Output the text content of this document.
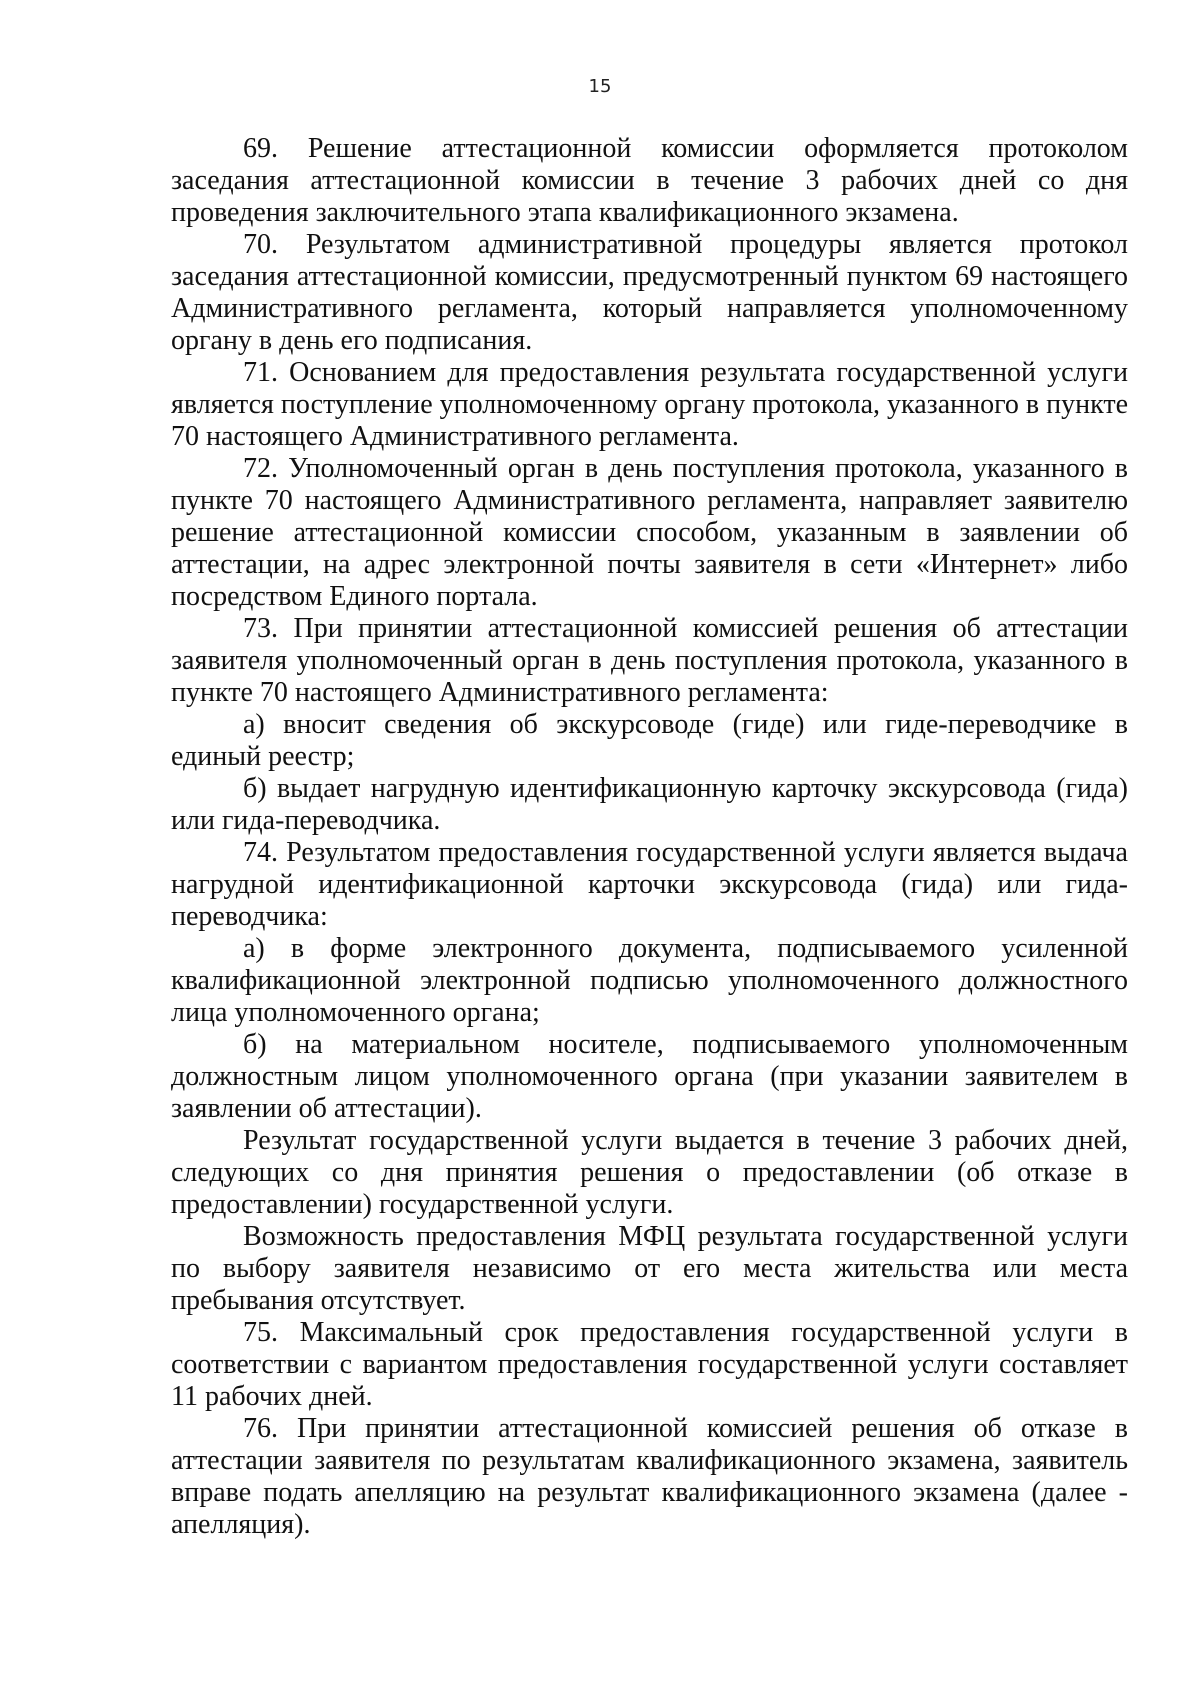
15

69. Решение аттестационной комиссии оформляется протоколом заседания аттестационной комиссии в течение 3 рабочих дней со дня проведения заключительного этапа квалификационного экзамена.

70. Результатом административной процедуры является протокол заседания аттестационной комиссии, предусмотренный пунктом 69 настоящего Административного регламента, который направляется уполномоченному органу в день его подписания.

71. Основанием для предоставления результата государственной услуги является поступление уполномоченному органу протокола, указанного в пункте 70 настоящего Административного регламента.

72. Уполномоченный орган в день поступления протокола, указанного в пункте 70 настоящего Административного регламента, направляет заявителю решение аттестационной комиссии способом, указанным в заявлении об аттестации, на адрес электронной почты заявителя в сети «Интернет» либо посредством Единого портала.

73. При принятии аттестационной комиссией решения об аттестации заявителя уполномоченный орган в день поступления протокола, указанного в пункте 70 настоящего Административного регламента:

а) вносит сведения об экскурсоводе (гиде) или гиде-переводчике в единый реестр;

б) выдает нагрудную идентификационную карточку экскурсовода (гида) или гида-переводчика.

74. Результатом предоставления государственной услуги является выдача нагрудной идентификационной карточки экскурсовода (гида) или гида-переводчика:

а) в форме электронного документа, подписываемого усиленной квалификационной электронной подписью уполномоченного должностного лица уполномоченного органа;

б) на материальном носителе, подписываемого уполномоченным должностным лицом уполномоченного органа (при указании заявителем в заявлении об аттестации).

Результат государственной услуги выдается в течение 3 рабочих дней, следующих со дня принятия решения о предоставлении (об отказе в предоставлении) государственной услуги.

Возможность предоставления МФЦ результата государственной услуги по выбору заявителя независимо от его места жительства или места пребывания отсутствует.

75. Максимальный срок предоставления государственной услуги в соответствии с вариантом предоставления государственной услуги составляет 11 рабочих дней.

76. При принятии аттестационной комиссией решения об отказе в аттестации заявителя по результатам квалификационного экзамена, заявитель вправе подать апелляцию на результат квалификационного экзамена (далее - апелляция).
